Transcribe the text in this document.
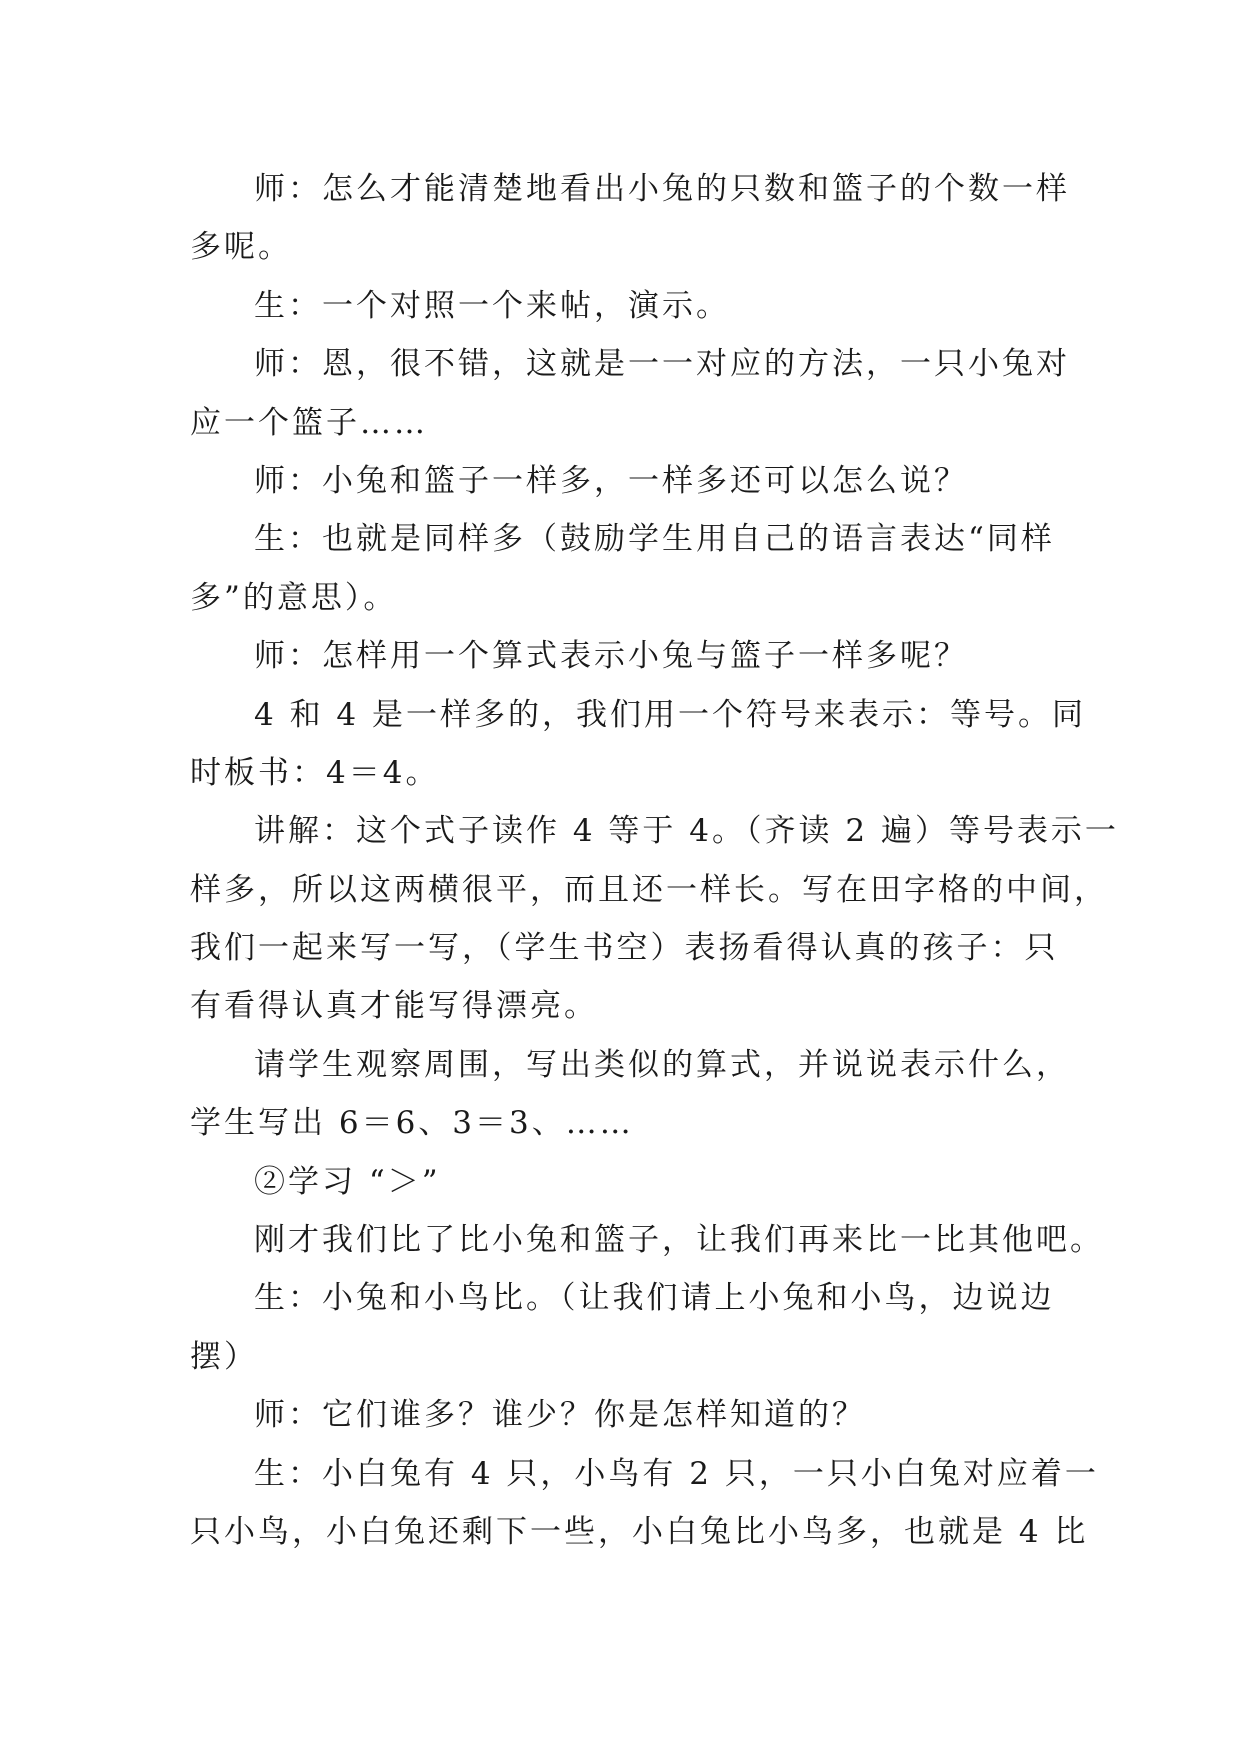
师：怎么才能清楚地看出小兔的只数和篮子的个数一样
多呢。
生：一个对照一个来帖，演示。
师：恩，很不错，这就是一一对应的方法，一只小兔对
应一个篮子……
师：小兔和篮子一样多，一样多还可以怎么说？
生：也就是同样多（鼓励学生用自己的语言表达“同样
多”的意思）。
师：怎样用一个算式表示小兔与篮子一样多呢？
4 和 4 是一样多的，我们用一个符号来表示：等号。同
时板书：4＝4。
讲解：这个式子读作 4 等于 4。（齐读 2 遍）等号表示一
样多，所以这两横很平，而且还一样长。写在田字格的中间，
我们一起来写一写，（学生书空）表扬看得认真的孩子：只
有看得认真才能写得漂亮。
请学生观察周围，写出类似的算式，并说说表示什么，
学生写出 6＝6、3＝3、……
②学习 “＞”
刚才我们比了比小兔和篮子，让我们再来比一比其他吧。
生：小兔和小鸟比。（让我们请上小兔和小鸟，边说边
摆）
师：它们谁多？谁少？你是怎样知道的？
生：小白兔有 4 只，小鸟有 2 只，一只小白兔对应着一
只小鸟，小白兔还剩下一些，小白兔比小鸟多，也就是 4 比
